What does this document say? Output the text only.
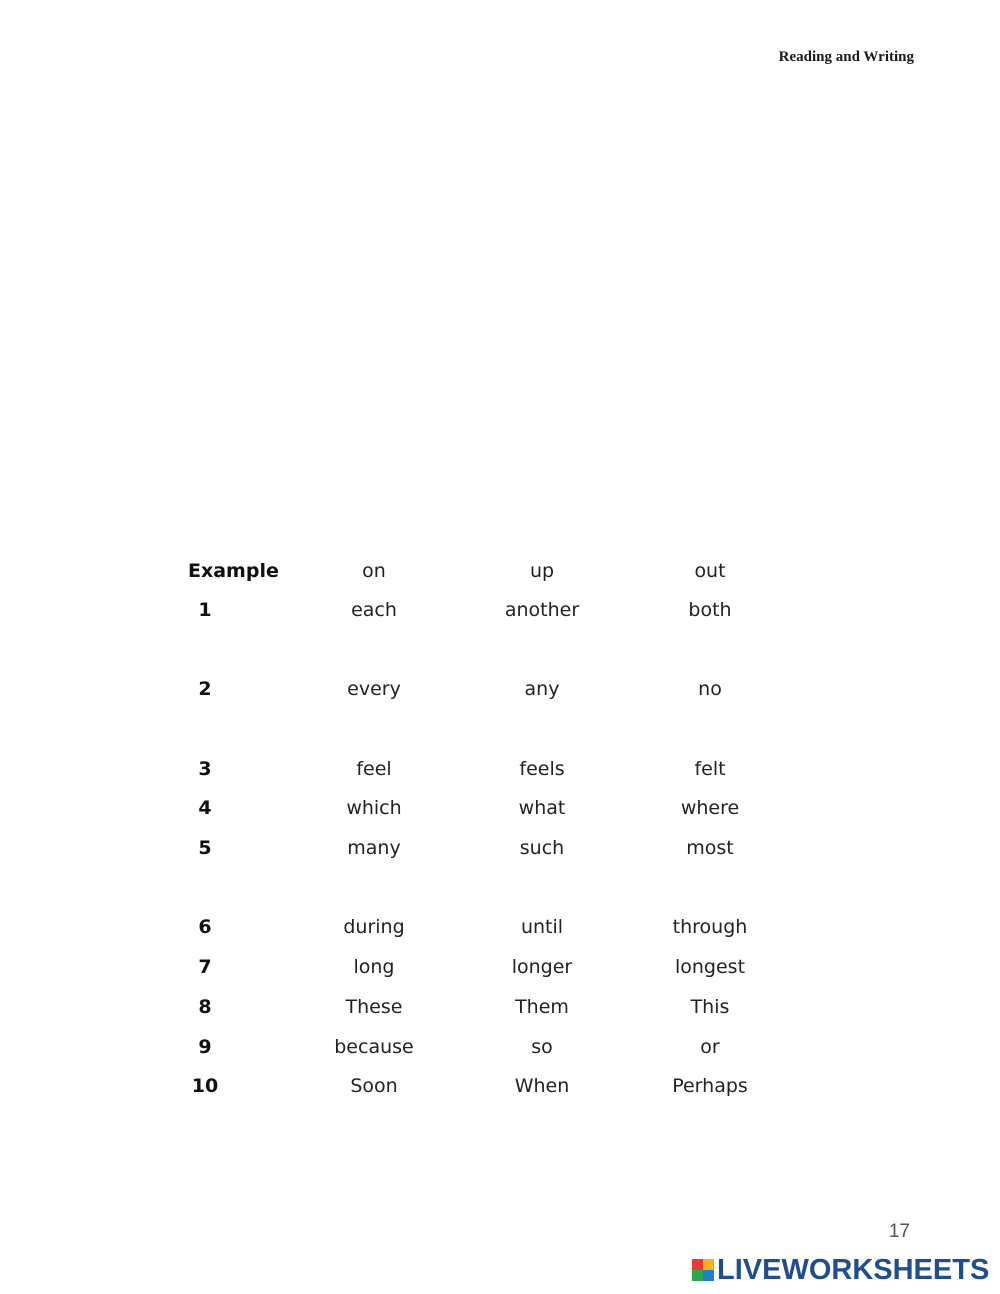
Reading and Writing
Example	on	up	out
1	each	another	both
2	every	any	no
3	feel	feels	felt
4	which	what	where
5	many	such	most
6	during	until	through
7	long	longer	longest
8	These	Them	This
9	because	so	or
10	Soon	When	Perhaps
17
LIVEWORKSHEETS
